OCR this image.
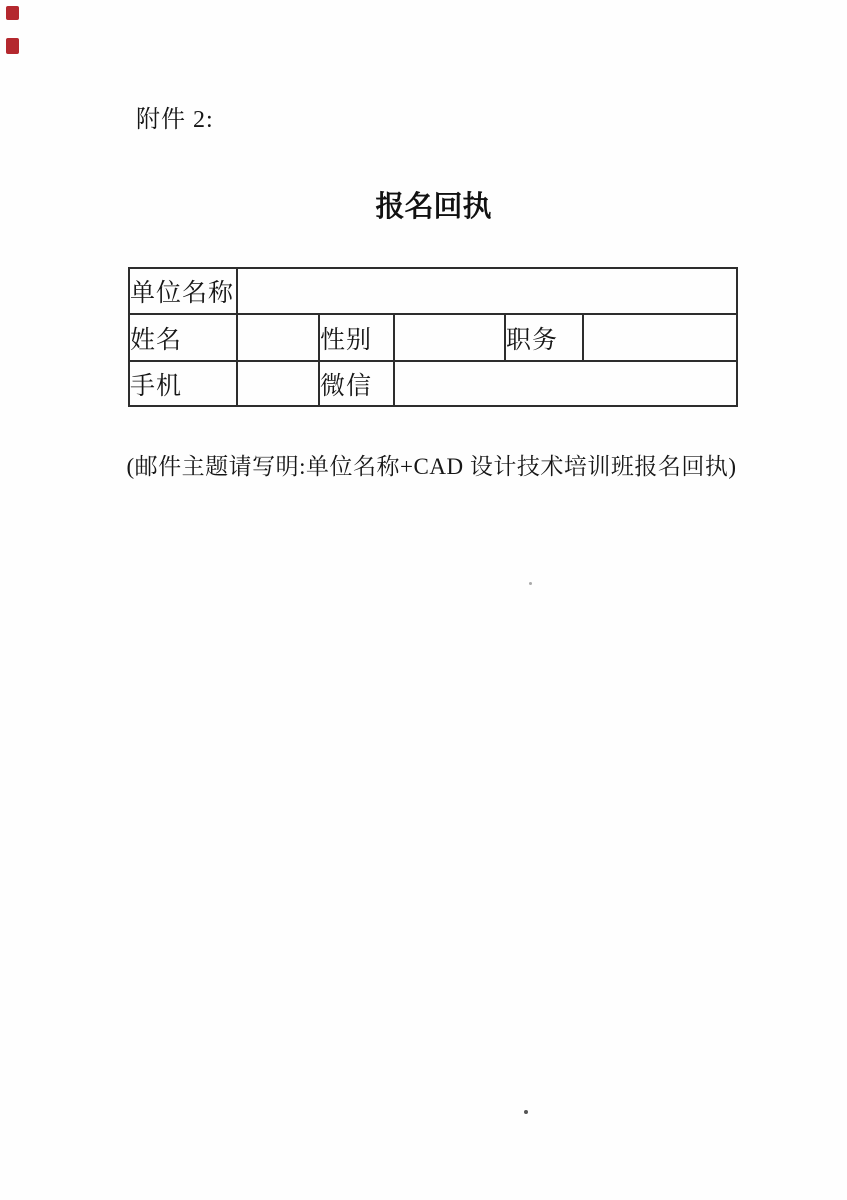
附件 2:
报名回执
单位名称					
姓名		性别		职务	
手机		微信			
(邮件主题请写明:单位名称+CAD 设计技术培训班报名回执)
